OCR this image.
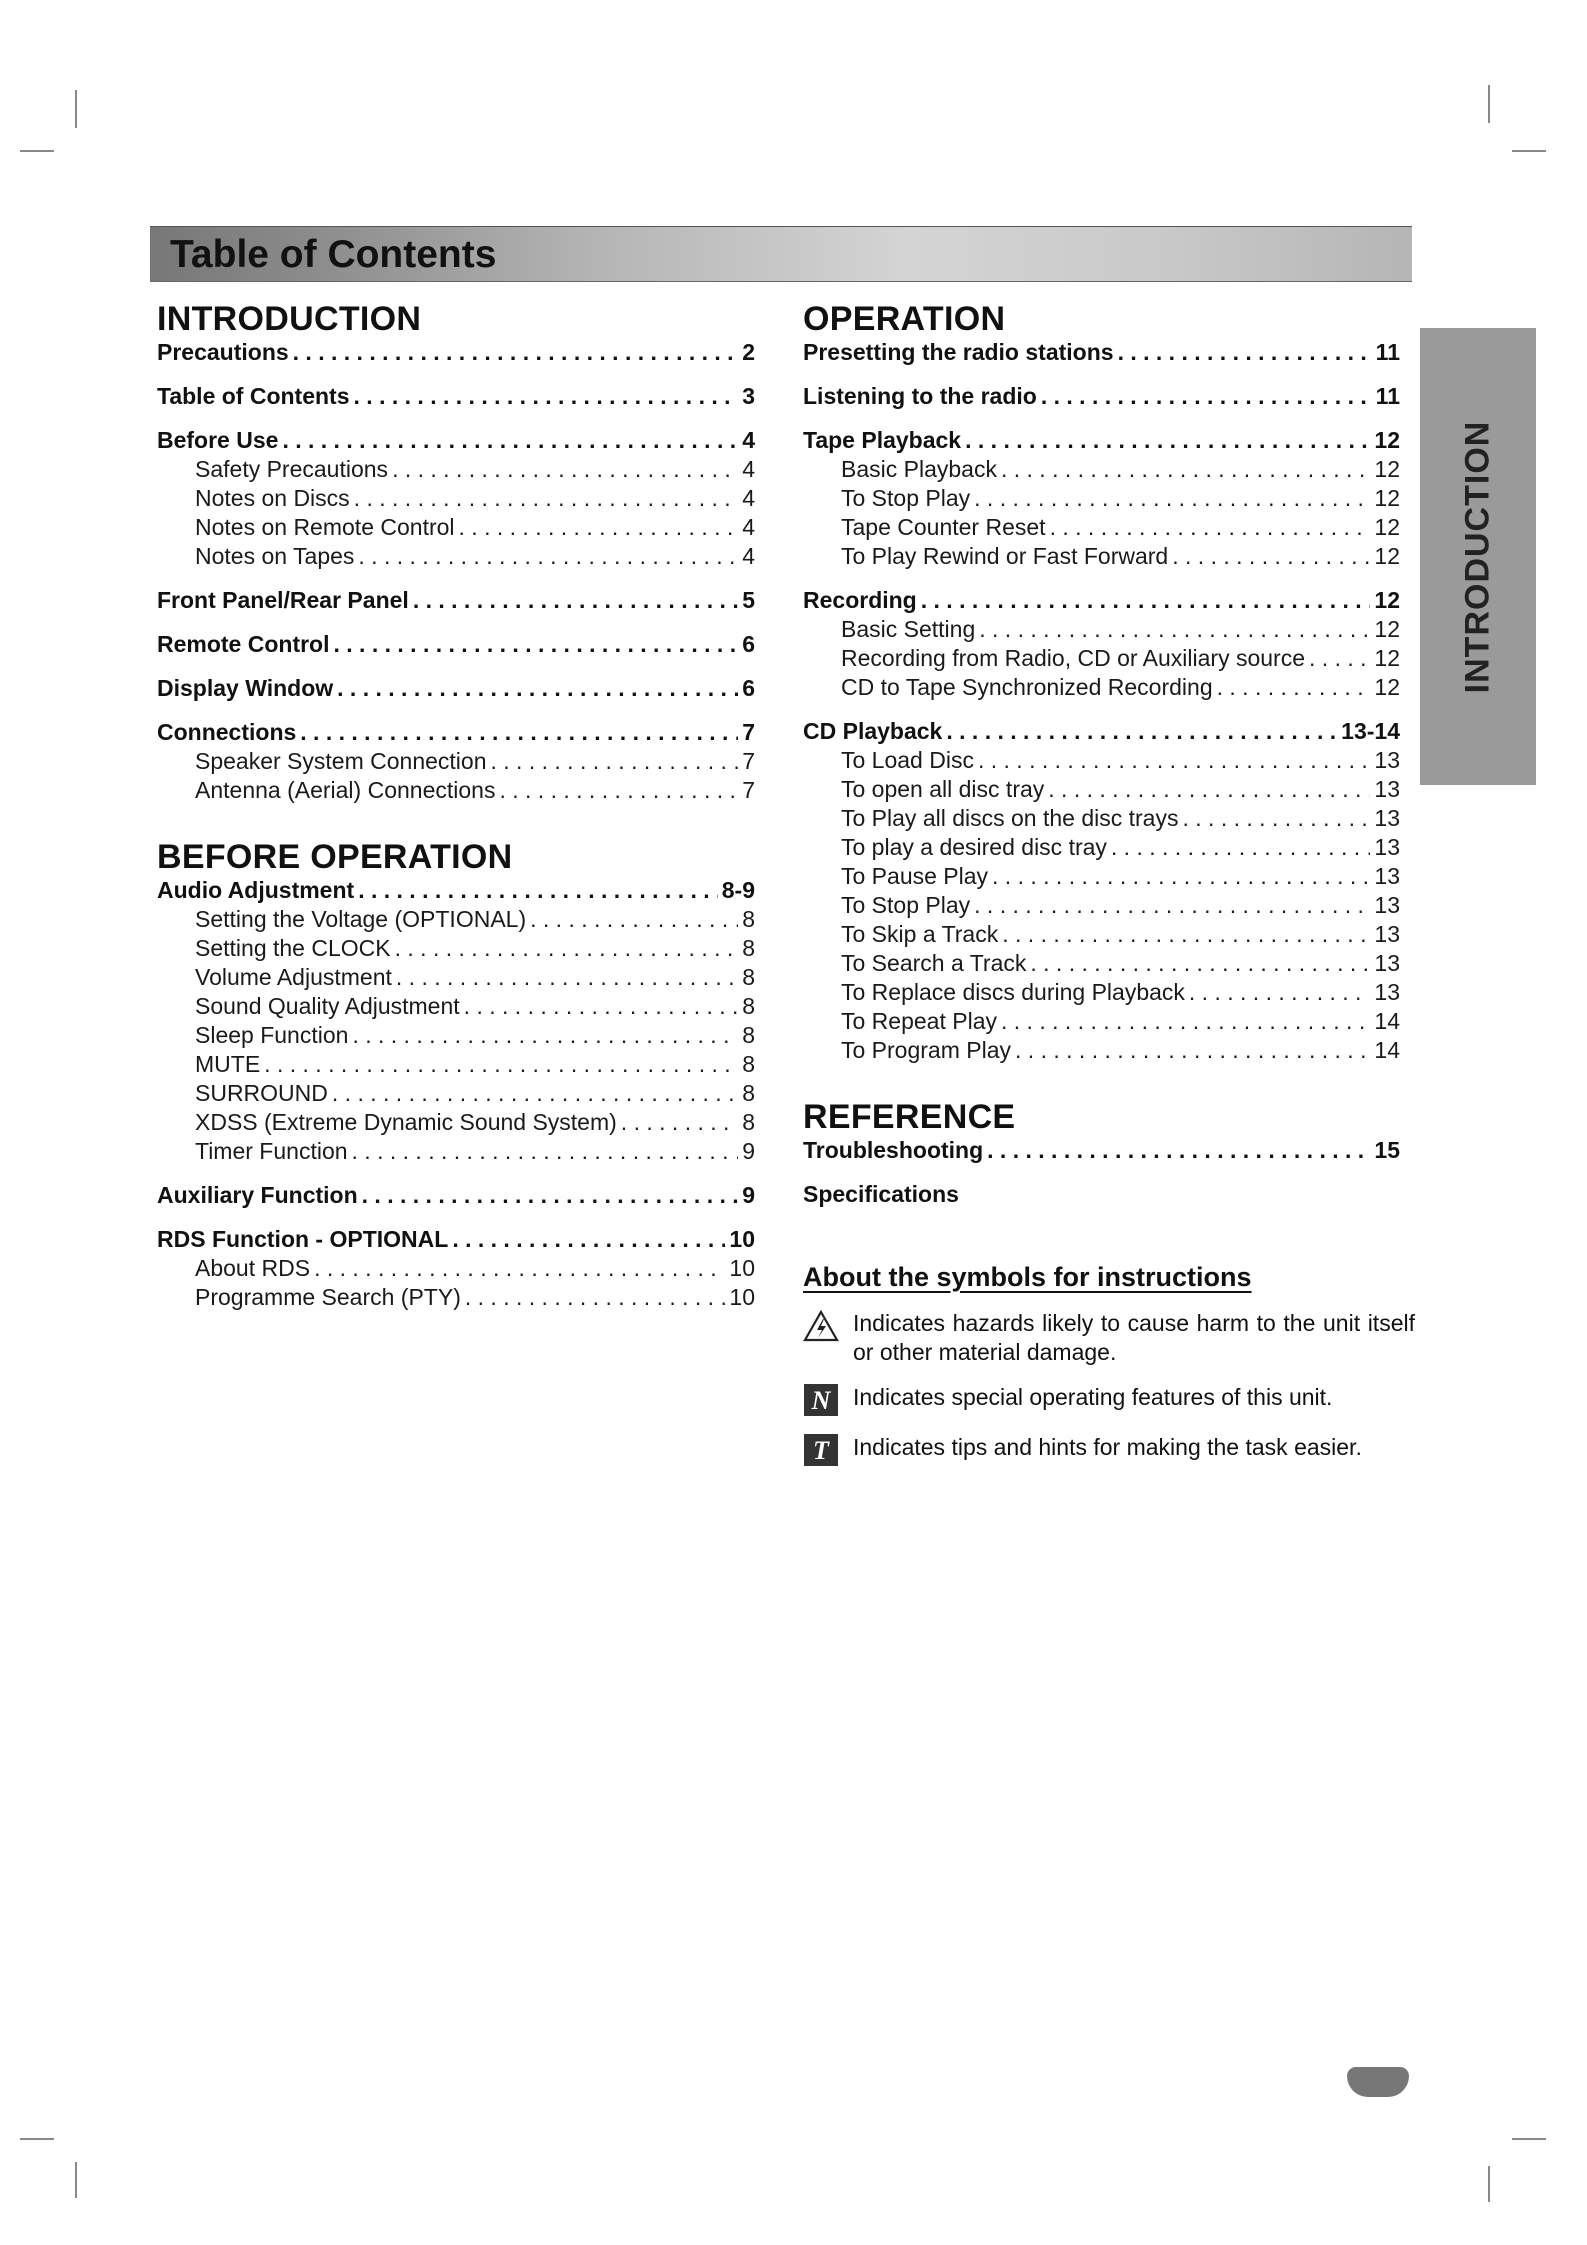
Table of Contents
INTRODUCTION
Precautions . . .	2
Table of Contents . . .	3
Before Use . . .	4
Safety Precautions . . .	4
Notes on Discs . . .	4
Notes on Remote Control . . .	4
Notes on Tapes . . .	4
Front Panel/Rear Panel . . .	5
Remote Control . . .	6
Display Window . . .	6
Connections . . .	7
Speaker System Connection . . .	7
Antenna (Aerial) Connections . . .	7
BEFORE OPERATION
Audio Adjustment . . .	8-9
Setting the Voltage (OPTIONAL) . . .	8
Setting the CLOCK . . .	8
Volume Adjustment . . .	8
Sound Quality Adjustment . . .	8
Sleep Function . . .	8
MUTE . . .	8
SURROUND . . .	8
XDSS (Extreme Dynamic Sound System) . . .	8
Timer Function . . .	9
Auxiliary Function . . .	9
RDS Function - OPTIONAL . . .	10
About RDS . . .	10
Programme Search (PTY) . . .	10
OPERATION
Presetting the radio stations . . .	11
Listening to the radio . . .	11
Tape Playback . . .	12
Basic Playback . . .	12
To Stop Play . . .	12
Tape Counter Reset . . .	12
To Play Rewind or Fast Forward . . .	12
Recording . . .	12
Basic Setting . . .	12
Recording from Radio, CD or Auxiliary source . . .	12
CD to Tape Synchronized Recording . . .	12
CD Playback . . .	13-14
To Load Disc . . .	13
To open all disc tray . . .	13
To Play all discs on the disc trays . . .	13
To play a desired disc tray . . .	13
To Pause Play . . .	13
To Stop Play . . .	13
To Skip a Track . . .	13
To Search a Track . . .	13
To Replace discs during Playback . . .	13
To Repeat Play . . .	14
To Program Play . . .	14
REFERENCE
Troubleshooting . . .	15
Specifications
INTRODUCTION
About the symbols for instructions
Indicates hazards likely to cause harm to the unit itself or other material damage.
N Indicates special operating features of this unit.
T Indicates tips and hints for making the task easier.
